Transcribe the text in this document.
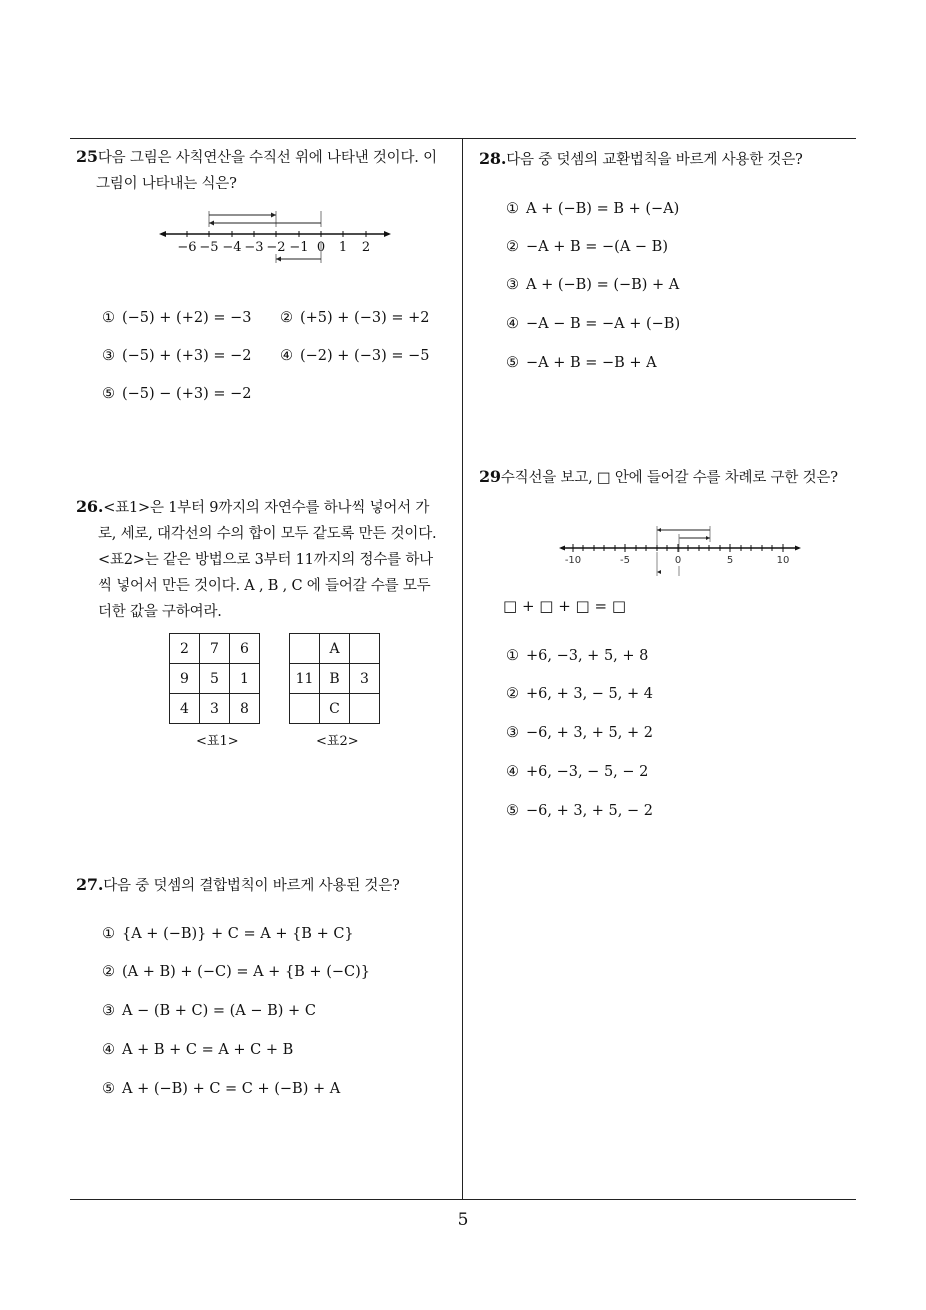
25다음 그림은 사칙연산을 수직선 위에 나타낸 것이다. 이
그림이 나타내는 식은?
−6 −5 −4 −3 −2 −1 0 1 2
① (−5) + (+2) = −3 ② (+5) + (−3) = +2
③ (−5) + (+3) = −2 ④ (−2) + (−3) = −5
⑤ (−5) − (+3) = −2
26.<표1>은 1부터 9까지의 자연수를 하나씩 넣어서 가
로, 세로, 대각선의 수의 합이 모두 같도록 만든 것이다.
<표2>는 같은 방법으로 3부터 11까지의 정수를 하나
씩 넣어서 만든 것이다. A , B , C 에 들어갈 수를 모두
더한 값을 구하여라.
2	7	6
9	5	1
4	3	8
	A	
11	B	3
	C	
<표1>	<표2>
27.다음 중 덧셈의 결합법칙이 바르게 사용된 것은?
① {A + (−B)} + C = A + {B + C}
② (A + B) + (−C) = A + {B + (−C)}
③ A − (B + C) = (A − B) + C
④ A + B + C = A + C + B
⑤ A + (−B) + C = C + (−B) + A
28.다음 중 덧셈의 교환법칙을 바르게 사용한 것은?
① A + (−B) = B + (−A)
② −A + B = −(A − B)
③ A + (−B) = (−B) + A
④ −A − B = −A + (−B)
⑤ −A + B = −B + A
29수직선을 보고, □ 안에 들어갈 수를 차례로 구한 것은?
-10	-5	0	5	10
□ + □ + □ = □
① +6, −3, + 5, + 8
② +6, + 3, − 5, + 4
③ −6, + 3, + 5, + 2
④ +6, −3, − 5, − 2
⑤ −6, + 3, + 5, − 2
5
